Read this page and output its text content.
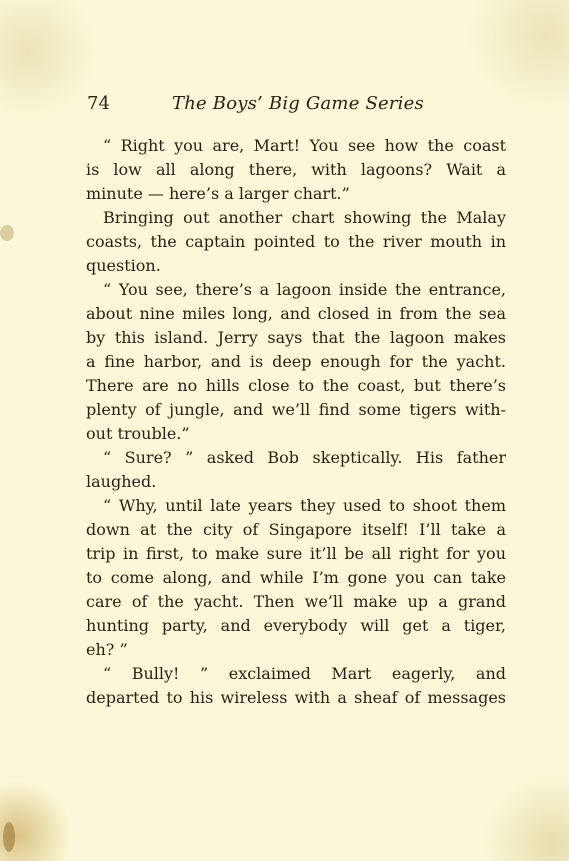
74	The Boys’ Big Game Series
“ Right you are, Mart! You see how the coast
is low all along there, with lagoons? Wait a
minute — here’s a larger chart.”
Bringing out another chart showing the Malay
coasts, the captain pointed to the river mouth in
question.
“ You see, there’s a lagoon inside the entrance,
about nine miles long, and closed in from the sea
by this island. Jerry says that the lagoon makes
a fine harbor, and is deep enough for the yacht.
There are no hills close to the coast, but there’s
plenty of jungle, and we’ll find some tigers with-
out trouble.”
“ Sure? ” asked Bob skeptically. His father
laughed.
“ Why, until late years they used to shoot them
down at the city of Singapore itself! I’ll take a
trip in first, to make sure it’ll be all right for you
to come along, and while I’m gone you can take
care of the yacht. Then we’ll make up a grand
hunting party, and everybody will get a tiger,
eh? ”
“ Bully! ” exclaimed Mart eagerly, and
departed to his wireless with a sheaf of messages
